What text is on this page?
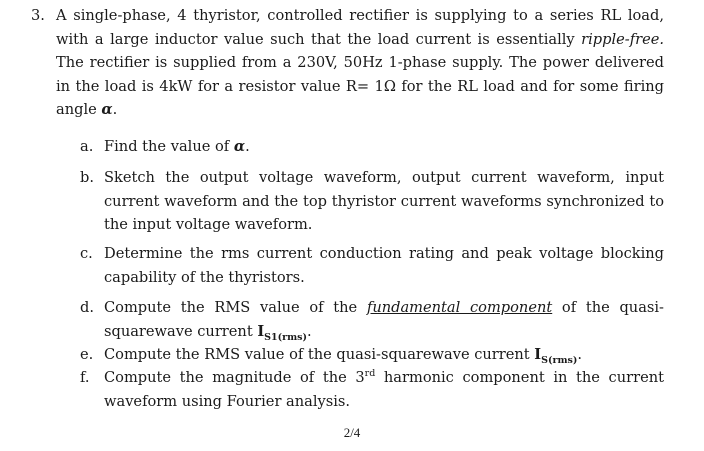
3. A single-phase, 4 thyristor, controlled rectifier is supplying to a series RL load, with a large inductor value such that the load current is essentially ripple-free. The rectifier is supplied from a 230V, 50Hz 1-phase supply. The power delivered in the load is 4kW for a resistor value R= 1Ω for the RL load and for some firing angle α.
a. Find the value of α.
b. Sketch the output voltage waveform, output current waveform, input current waveform and the top thyristor current waveforms synchronized to the input voltage waveform.
c. Determine the rms current conduction rating and peak voltage blocking capability of the thyristors.
d. Compute the RMS value of the fundamental component of the quasi-squarewave current $I_{S1(rms)}$.
e. Compute the RMS value of the quasi-squarewave current $I_{S(rms)}$.
f. Compute the magnitude of the 3rd harmonic component in the current waveform using Fourier analysis.
2/4
